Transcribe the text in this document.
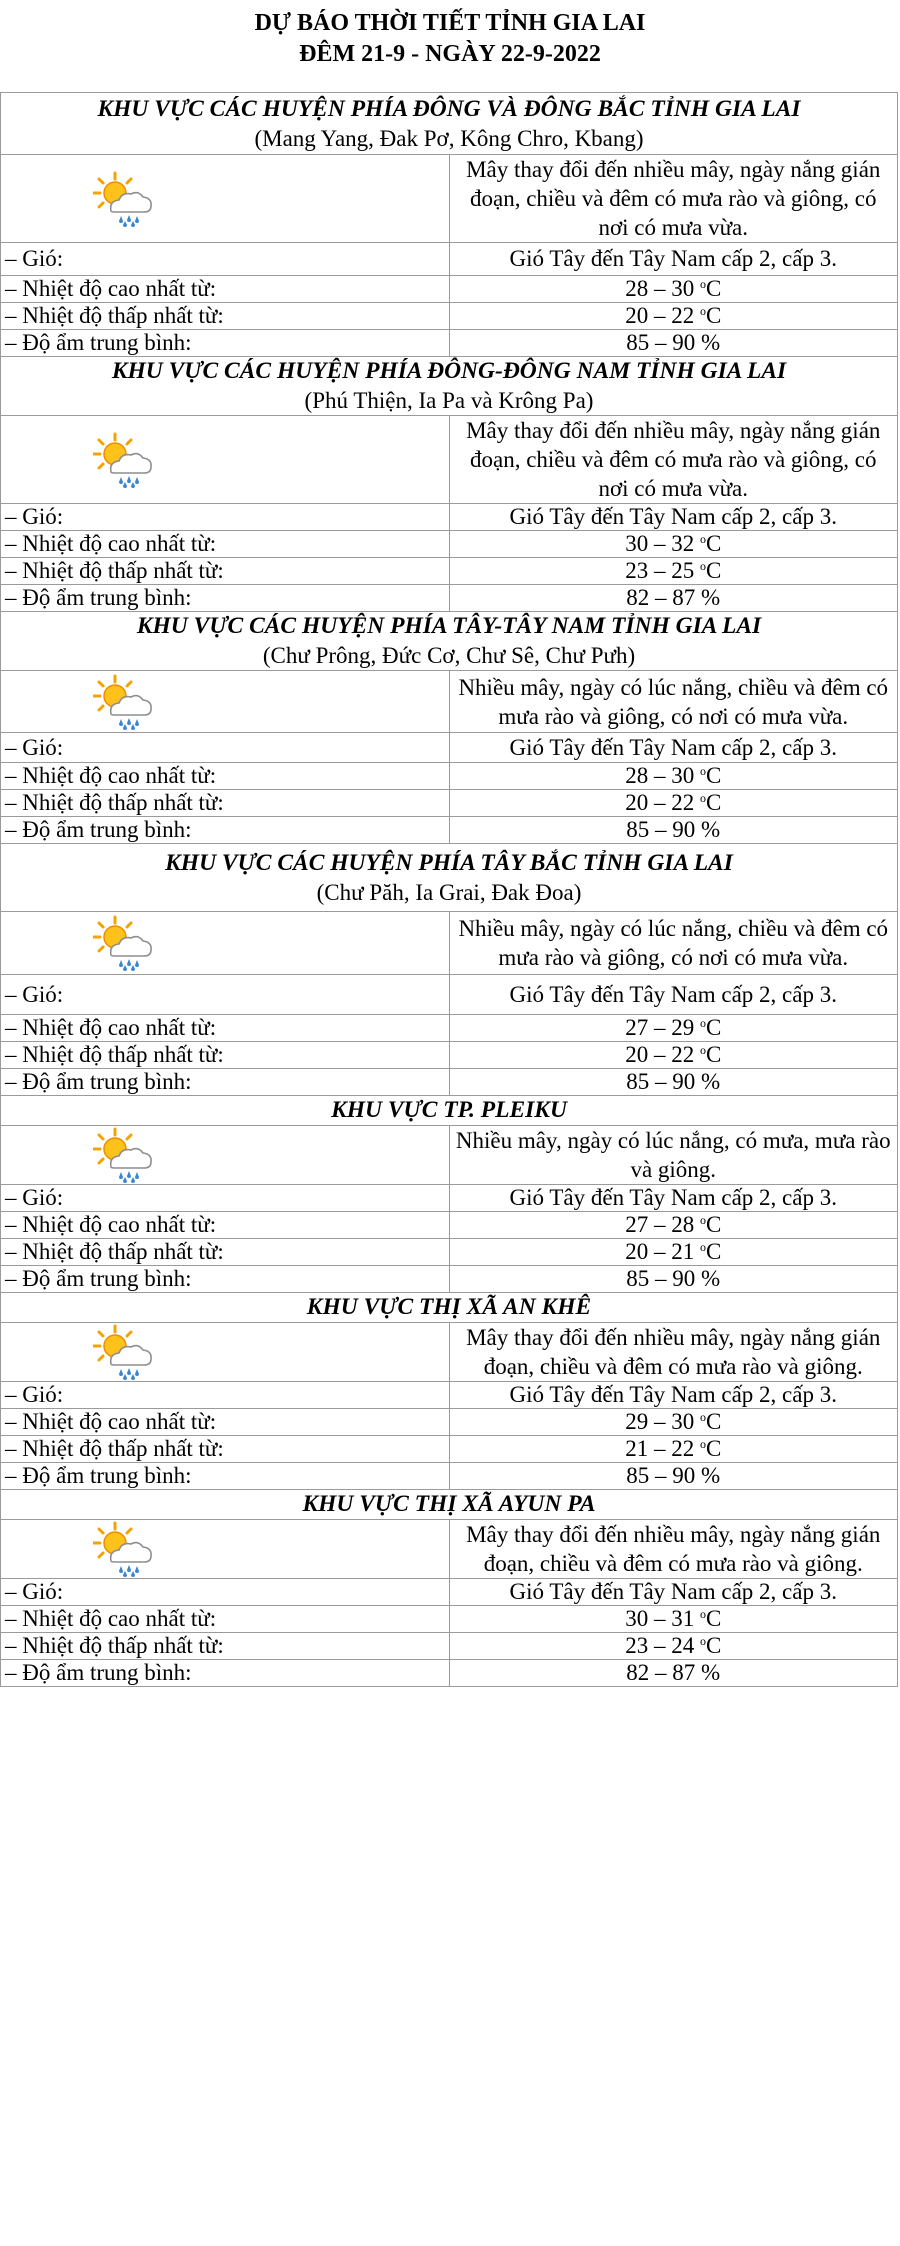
DỰ BÁO THỜI TIẾT TỈNH GIA LAI
ĐÊM 21-9 - NGÀY 22-9-2022
KHU VỰC CÁC HUYỆN PHÍA ĐÔNG VÀ ĐÔNG BẮC TỈNH GIA LAI
(Mang Yang, Đak Pơ, Kông Chro, Kbang)	

	Mây thay đổi đến nhiều mây, ngày nắng gián đoạn, chiều và đêm có mưa rào và giông, có nơi có mưa vừa.
– Gió:	Gió Tây đến Tây Nam cấp 2, cấp 3.
– Nhiệt độ cao nhất từ:	28 – 30 $^o$C
– Nhiệt độ thấp nhất từ:	20 – 22 $^o$C
– Độ ẩm trung bình:	85 – 90 %

KHU VỰC CÁC HUYỆN PHÍA ĐÔNG-ĐÔNG NAM TỈNH GIA LAI
(Phú Thiện, Ia Pa và Krông Pa)	

	Mây thay đổi đến nhiều mây, ngày nắng gián đoạn, chiều và đêm có mưa rào và giông, có nơi có mưa vừa.
– Gió:	Gió Tây đến Tây Nam cấp 2, cấp 3.
– Nhiệt độ cao nhất từ:	30 – 32 $^o$C
– Nhiệt độ thấp nhất từ:	23 – 25 $^o$C
– Độ ẩm trung bình:	82 – 87 %

KHU VỰC CÁC HUYỆN PHÍA TÂY-TÂY NAM TỈNH GIA LAI
(Chư Prông, Đức Cơ, Chư Sê, Chư Pưh)	

	Nhiều mây, ngày có lúc nắng, chiều và đêm có mưa rào và giông, có nơi có mưa vừa.
– Gió:	Gió Tây đến Tây Nam cấp 2, cấp 3.
– Nhiệt độ cao nhất từ:	28 – 30 $^o$C
– Nhiệt độ thấp nhất từ:	20 – 22 $^o$C
– Độ ẩm trung bình:	85 – 90 %

KHU VỰC CÁC HUYỆN PHÍA TÂY BẮC TỈNH GIA LAI
(Chư Păh, Ia Grai, Đak Đoa)	

	Nhiều mây, ngày có lúc nắng, chiều và đêm có mưa rào và giông, có nơi có mưa vừa.
– Gió:	Gió Tây đến Tây Nam cấp 2, cấp 3.
– Nhiệt độ cao nhất từ:	27 – 29 $^o$C
– Nhiệt độ thấp nhất từ:	20 – 22 $^o$C
– Độ ẩm trung bình:	85 – 90 %

KHU VỰC TP. PLEIKU	

	Nhiều mây, ngày có lúc nắng, có mưa, mưa rào và giông.
– Gió:	Gió Tây đến Tây Nam cấp 2, cấp 3.
– Nhiệt độ cao nhất từ:	27 – 28 $^o$C
– Nhiệt độ thấp nhất từ:	20 – 21 $^o$C
– Độ ẩm trung bình:	85 – 90 %

KHU VỰC THỊ XÃ AN KHÊ	

	Mây thay đổi đến nhiều mây, ngày nắng gián đoạn, chiều và đêm có mưa rào và giông.
– Gió:	Gió Tây đến Tây Nam cấp 2, cấp 3.
– Nhiệt độ cao nhất từ:	29 – 30 $^o$C
– Nhiệt độ thấp nhất từ:	21 – 22 $^o$C
– Độ ẩm trung bình:	85 – 90 %

KHU VỰC THỊ XÃ AYUN PA	

	Mây thay đổi đến nhiều mây, ngày nắng gián đoạn, chiều và đêm có mưa rào và giông.
– Gió:	Gió Tây đến Tây Nam cấp 2, cấp 3.
– Nhiệt độ cao nhất từ:	30 – 31 $^o$C
– Nhiệt độ thấp nhất từ:	23 – 24 $^o$C
– Độ ẩm trung bình:	82 – 87 %
